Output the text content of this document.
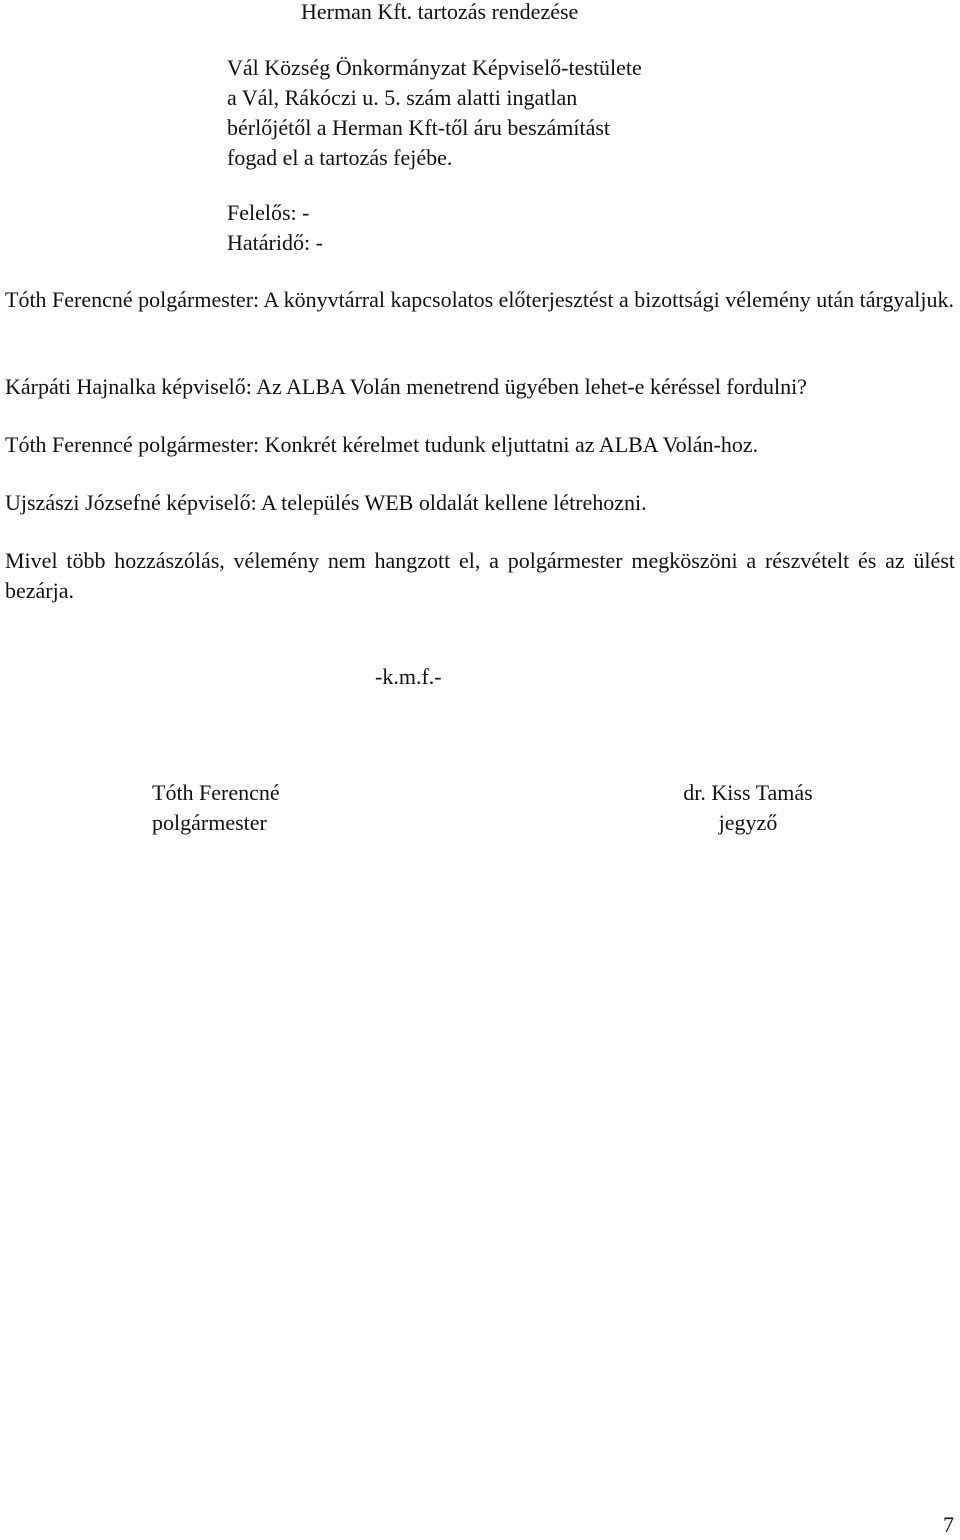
Herman Kft. tartozás rendezése
Vál Község Önkormányzat Képviselő-testülete
a Vál, Rákóczi u. 5. szám alatti ingatlan
bérlőjétől a Herman Kft-től áru beszámítást
fogad el a tartozás fejébe.
Felelős: -
Határidő: -
Tóth Ferencné polgármester: A könyvtárral kapcsolatos előterjesztést a bizottsági vélemény után tárgyaljuk.
Kárpáti Hajnalka képviselő: Az ALBA Volán menetrend ügyében lehet-e kéréssel fordulni?
Tóth Ferenncé polgármester: Konkrét kérelmet tudunk eljuttatni az ALBA Volán-hoz.
Ujszászi Józsefné képviselő: A település WEB oldalát kellene létrehozni.
Mivel több hozzászólás, vélemény nem hangzott el, a polgármester megköszöni a részvételt és az ülést bezárja.
-k.m.f.-
Tóth Ferencné
polgármester
dr. Kiss Tamás
jegyző
7
